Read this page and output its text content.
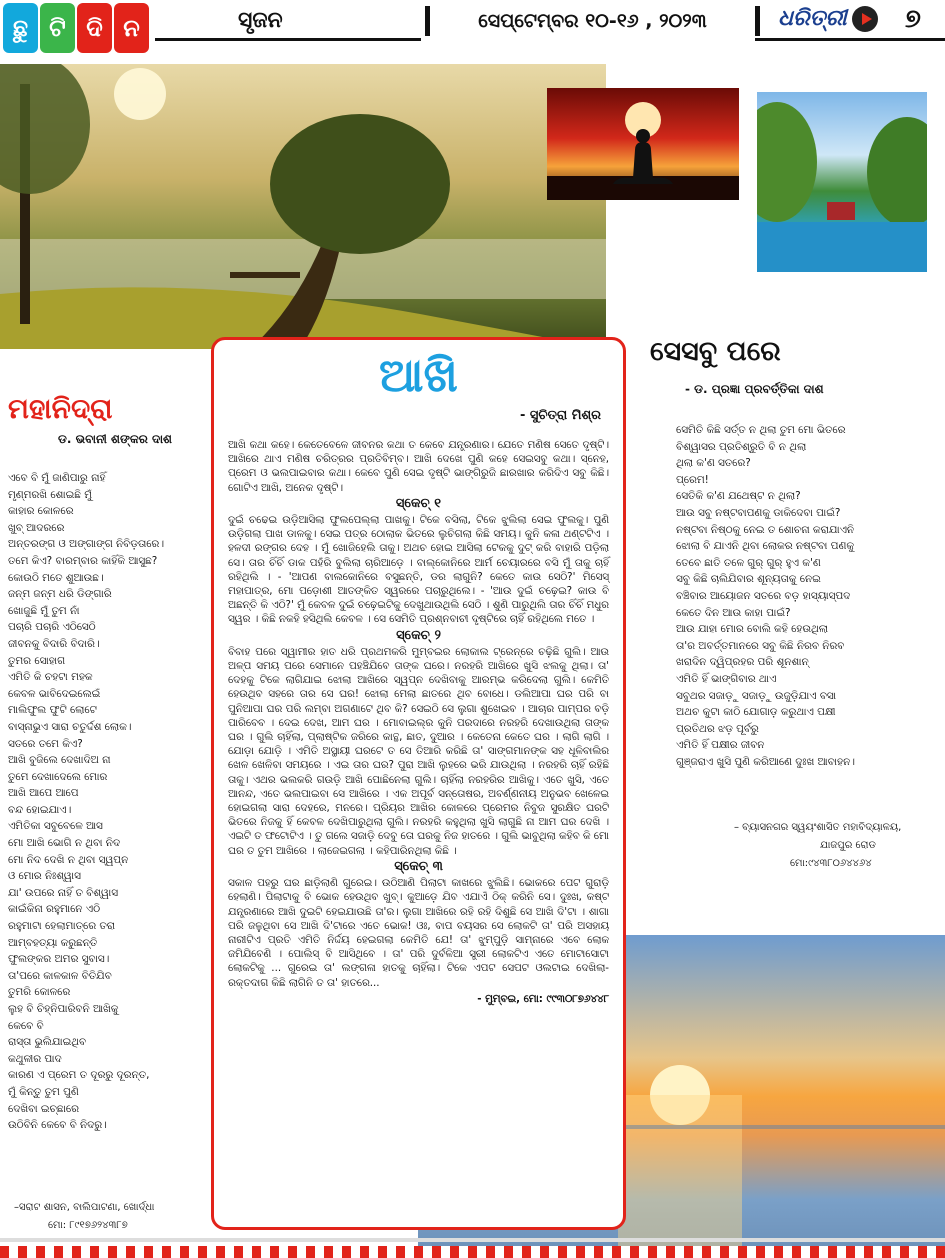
ଛୁ ଟି ଦି ନ	ସୃଜନ	ସେପ୍ଟେମ୍ବର ୧୦-୧୬ , ୨୦୨୩	ଧରିତ୍ରୀ ୭
ଆଖି
- ସୁଚିତ୍ରା ମିଶ୍ର

ଆଖି କଥା କହେ। କେତେବେଳେ ଜୀବନର କଥା ତ କେବେ ଯନ୍ତ୍ରଣାର। ଯେତେ ମଣିଷ ସେତେ ଦୃଷ୍ଟି। ଆଖିରେ ଥାଏ ମଣିଷ ଚରିତ୍ରର ପ୍ରତିବିମ୍ବ। ଆଖି ଦେଖେ ପୁଣି କହେ ସେଇସବୁ କଥା। ସ୍ନେହ, ପ୍ରେମ ଓ ଭଲପାଇବାର କଥା। କେବେ ପୁଣି ସେଇ ଦୃଷ୍ଟି ଭାଙ୍ଗିରୁଜି ଛାରଖାର କରିଦିଏ ସବୁ କିଛି। ଗୋଟିଏ ଆଖି, ଅନେକ ଦୃଷ୍ଟି।

ସ୍କେଚ୍ ୧

ଦୁଇଁ ଚଢେଇ ଉଡ଼ିଆସିଲା ଫୁଲପେଲ୍ଲା ପାଖକୁ। ଟିକେ ବସିଲା, ଟିକେ ଝୁଲିଲା ସେଇ ଫୁଲକୁ। ପୁଣି ଉଡ଼ିଗଲା ପାଖ ଡାଳକୁ। ସେଇ ପତ୍ର ଠୋଲାକ ଭିତରେ ଲୁଚିଗଲା କିଛି ସମୟ। କୁନି କଳା ଥଣ୍ଟଟିଏ । ହଳଦୀ ରଙ୍ଗର ଦେହ । ମୁଁ ଖୋଜିହେଲି ତାକୁ। ଅଥଚ ହୋଇ ଆସିଲା ଟେକକୁ ଦୁଟ୍ କରି ବାହାରି ପଡ଼ିଲା ସେ। ତାର ଚିଁଚିଁ ଡାକ ପହଁରି ବୁଲିଲା ଚାରିଆଡ଼େ । ବାଲ୍‌କୋନିରେ ଆର୍ମ ଚେୟାରରେ ବସି ମୁଁ ତାକୁ ଚାହିଁ ରହିଥିଲି । - 'ଆପଣ ବାଲକୋନିରେ ବସୁଛନ୍ତି, ଡର ଲାଗୁନି? କେତେ କାଉ ସେଠି?' ମିସେସ୍ ମହାପାତ୍ର, ମୋ ପଡ଼ୋଶୀ ଆତଙ୍କିତ ସ୍ୱରରେ ପଚାରୁଥିଲେ। - 'ଆଉ ଦୁଇଁ ଚଢ଼େଇ? କାଉ ବି ଅଛନ୍ତି କି ଏଠି?' ମୁଁ କେବଳ ଦୁଇଁ ଚଢ଼େଇଟିକୁ ଦେଖୁଥାଉଥିଲି ସେଠି । ଶୁଣି ପାରୁଥିଲି ତାର ଚିଁଚିଁ ମଧୁର ସ୍ୱର । କିଛି ନକହି ହସିଥିଲି କେବଳ । ସେ ସେମିତି ପ୍ରଶ୍ନବାଚୀ ଦୃଷ୍ଟିରେ ଚାହିଁ ରହିଥିଲେ ମତେ ।

ସ୍କେଚ୍ ୨

ବିବାହ ପରେ ସ୍ୱାମୀର ହାତ ଧରି ପ୍ରଥମକରି ମୁମ୍ବଇର ଲୋକାଲ ଟ୍ରେନ୍‌ରେ ଚଢ଼ିଛି ଗୁଲି। ଆଉ ଅଳ୍ପ ସମୟ ପରେ ସେମାନେ ପହଞ୍ଚିଯିବେ ତାଙ୍କ ଘରେ। ନରହରି ଆଖିରେ ଖୁସି ଝଲକୁ ଥିଲା। ତା' ଦେହକୁ ଟିକେ ଲାଗିଯାଇ ଝୋଲା ଆଖିରେ ସ୍ୱପ୍ନ ଦେଖିବାକୁ ଆରମ୍ଭ କରିଦେଲା ଗୁଲି। କେମିତି ହେଉଥିବ ସହରେ ତାର ସେ ଘର! ଝୋଲା ମେଲା ଛାତରେ ଥିବ ବୋଧେ। ଡଲିଆପା ଘର ପରି ବା ପୁନିଆପା ଘର ପରି ଲମ୍ବା ଅଗଣାଟେ ଥିବ କି? ସେଇଠି ସେ ଲୁଗା ଶୁଖେଇବ । ଆଚାର ପାମ୍ପର ବଡ଼ି ପାରିବେବ । ଦେଇ ଦେଖ, ଆମ ଘର । ମୋବାଇଲ୍‌ର କୁନି ପରଦାରେ ନରହରି ଦେଖାଉଥିଲା ତାଙ୍କ ଘର । ଗୁଲି ଚାହିଁଲା, ପ୍ଲାଷ୍ଟିକ ଜରିରେ କାନ୍ଥ, ଛାତ, ଦୁଆର । କେତେନା କେତେ ଘର । ଲାଗି ଲାଗି । ଯୋଡ଼ା ଯୋଡ଼ି । ଏମିତି ଅସ୍ଥାୟୀ ଘରଟେ ତ ସେ ତିଆରି କରିଛି ତା' ସାଙ୍ଗମାନଙ୍କ ସହ ଧୂଳିବାଲିର ଖେଳ ଖେଳିବା ସମୟରେ । ଏଇ ତାର ଘର? ପୁରା ଆଖି ଲୁହରେ ଭରି ଯାଉଥିଲା । ନରହରି ଚାହିଁ ରହିଛି ତାକୁ। ଏଥର ଭଲକରି ଗଉଡ଼ି ଆଖି ପୋଛିନେଲା ଗୁଲି। ଚାହିଁଲା ନରହରିର ଆଖିକୁ। ଏତେ ଖୁସି, ଏତେ ଆନନ୍ଦ, ଏତେ ଭଲପାଇବା ସେ ଆଖିରେ । ଏକ ଅପୂର୍ବ ସନ୍ତୋଷର, ଅବର୍ଣ୍ଣନୀୟ ଅନୁଭବ ଖେଳେଇ ହୋଇଗଲା ସାରା ଦେହରେ, ମନରେ। ପ୍ରିୟର ଆଖିର କୋଳରେ ପ୍ରେମର ନିବୁଜ ସୁରକ୍ଷିତ ଘରଟି ଭିତରେ ନିଜକୁ ହିଁ କେବଳ ଦେଖିପାରୁଥିଲା ଗୁଲି। ନରହରି କହୁଥିଲା ଖୁସି ଲାଗୁଛି ନା ଆମ ଘର ଦେଖି । ଏଇଟି ତ ଫଟୋଟିଏ । ତୁ ଗଲେ ସଜାଡ଼ି ଦେବୁ ତୋ ଘରକୁ ନିଜ ହାତରେ । ଗୁଲି ଭାବୁଥିଲା କହିବ କି ମୋ ଘର ତ ତୁମ ଆଖିରେ । ଲାଜେଇଗଲା । କହିପାରିନଥିଲା କିଛି ।

ସ୍କେଚ୍ ୩

ସକାଳ ପହରୁ ଘର ଛାଡ଼ିଲାଣି ଗୁରେଇ। ଉଠିଆଣି ପିଲାଟା କାଖରେ ଝୁଲିଛି। ଭୋକରେ ପେଟ ଗୁରାଡ଼ି ହେଲାଣି। ପିଲାଟାକୁ ବି ଭୋକ ହେଉଥିବ ଖୁବ୍। କୁଆଡ଼େ ଯିବ ଏଯାଏଁ ଠିକ୍ କରିନି ସେ। ଦୁଃଖ, କଷ୍ଟ ଯନ୍ତ୍ରଣାରେ ଆଖି ଦୁଇଟି ହେଇଯାଉଛି ତା'ର। ଲୁଗା ଆଖିରେ ରହି ରହି ଦିଶୁଛି ସେ ଆଖି ଦି'ଟା । ଶାଗା ପରି ଜଳୁଥିବା ସେ ଆଖି ଦି'ଟାରେ ଏତେ ଭୋକ! ଓଃ, ବାପ ବୟସର ସେ ଲୋକଟି ତା' ପରି ଅସହାୟ ନାରୀଟିଏ ପ୍ରତି ଏମିତି ନିର୍ଦ୍ଦୟ ହେଇଗଲା କେମିତି ଯେ! ତା' ଝୁମ୍ପୁଡ଼ି ସାମ୍ନାରେ ଏବେ ଲୋକ ଜମିଯିବେଣି । ପୋଲିସ୍ ବି ଆସିଥିବେ । ତା' ପରି ଦୁର୍ବଳିଆ ସ୍ତ୍ରୀ ଲୋକଟିଏ ଏତେ ମୋଟାସୋଟା ଲୋକଟିକୁ ... ଗୁରେଇ ତା' ଲଙ୍ଗଳା ହାତକୁ ଚାହିଁଲା। ଟିକେ ଏପଟ ସେପଟ ଓଲଟାଇ ଦେଖିଲା- ରକ୍ତଦାଗ କିଛି ଲାଗିନି ତ ତା' ହାତରେ...

- ମୁମ୍ବଇ, ମୋ: ୯୯୩୦୮୭୬୪୪୮

ମହାନିଦ୍ରା
ଡ. ଭବାନୀ ଶଙ୍କର ଦାଶ
ଏବେ ବି ମୁଁ ଜାଣିପାରୁ ନାହିଁ
ମୃଣ୍ମରଖି ଶୋଇଛି ମୁଁ
କାହାର କୋଳରେ
ଖୁବ୍ ଆଦରରେ
ଅନ୍ତରଙ୍ଗ ଓ ଅଙ୍ଗାଙ୍ଗ ନିବିଡ଼ତାରେ।
ତମେ କିଏ? ବାରମ୍ବାର କାହିଁକି ଆସୁଛ?
କୋଉଠି ମତେ ଶୁଆଉଛ।
ଜନ୍ମ ଜନ୍ମ ଧରି ଡିଙ୍ଗାରି
ଖୋଜୁଛି ମୁଁ ତୁମ ନାଁ
ପଚାରି ପଚାରି ଏଠିସେଠି
ଜୀବନକୁ ବିଦାରି ବିଦାରି।
ତୁମର ସୋହାଗ
ଏମିତି କି ଚହଟା ମହକ
କେବଳ ଭାବିଦେଇଲେଇଁ
ମାଲିଫୁଲ ଫୁଟି ଲୋଟେ
ବାସ୍ନାଭୁଏ ସାରା ଚତୁର୍ଦ୍ଦଶ ଲୋକ।
ସତରେ ତମେ କିଏ?
ଆଖି ବୁଜିଲେ ଦେଖାଦିଅ ନା
ତୁମେ ଦେଖାଦେଲେ ମୋର
ଆଖି ଆପେ ଆପେ
ବନ୍ଦ ହୋଇଯାଏ।
ଏମିତିକା ସବୁବେଳେ ଆସ
ମୋ ଆଖି ଭୋଗି ନ ଥିବା ନିଦ
ମୋ ନିଦ ଦେଖି ନ ଥିବା ସ୍ୱପ୍ନ
ଓ ମୋର ନିଃଶ୍ୱାସ
ଯା' ଉପରେ ନାହିଁ ତ ବିଶ୍ୱାସ
କାଇଁକିନା ରହୁମାନେ ଏଠି
ରହୁମାଟା ହେଲାମାତ୍ରେ ତରା
ଆମ୍ବହତ୍ୟା କରୁଛନ୍ତି
ଫୁଲଙ୍କର ଅମର ସୁବାସ।
ତା'ପରେ କାଳକାଳ ବିତିଯିବ
ତୁମରି କୋଳରେ
ଲୁହ ବି ଚିହ୍ନିପାରିବନି ଆଖିକୁ
କେବେ ବି
ରାସ୍ତା ଭୁଲିଯାଇଥିବ
କଥୁଳୀର ପାଦ
କାରଣ ଏ ପ୍ରେମ ତ ଦୂରରୁ ଦୂରନ୍ତ,
ମୁଁ କିନ୍ତୁ ତୁମ ପୁଣି
ଦେଖିବା ଇଚ୍ଛାରେ
ଉଠିବିନି କେବେ ବି ନିଦରୁ।
–ସରାଟ ଶାସନ, ବାଲିପାଟଣା, ଖୋର୍ଦ୍ଧା
ମୋ: ୮୯୧୭୬୨୪୩୮୭
ସେସବୁ ପରେ
- ଡ. ପ୍ରଜ୍ଞା ପ୍ରବର୍ତ୍ତିକା ଦାଶ
ସେମିତି କିଛି ସର୍ତ୍ତ ନ ଥିଲା ତୁମ ମୋ ଭିତରେ
ବିଶ୍ୱାସର ପ୍ରତିଶ୍ରୁତି ବି ନ ଥିଲା
ଥିଲା କ'ଣ ସତରେ?
ପ୍ରେମ!
ସେତିକି କ'ଣ ଯଥେଷ୍ଟ ନ ଥିଲା?
ଆଉ ସବୁ ନଷ୍ଟବାପଣକୁ ଡାକିଦେବା ପାଇଁ?
ନଷ୍ଟବା ନିଷ୍ଠକୁ ନେଇ ତ ଶୋଚନା କରାଯାଏନି
ଝୋଲା ବି ଯାଏନି ଥିବା ଲୋକର ନଷ୍ଟବା ପଣକୁ
ତେବେ ଛାତି ତଳେ ଗୁର୍ ଗୁର୍ ହୁଏ କ'ଣ
ସବୁ କିଛି ଚାଲିଯିବାର ଶୂନ୍ୟତାକୁ ନେଇ
ବଞ୍ଚିବାର ଆୟୋଜନ ସତରେ ବଡ଼ ହାସ୍ୟାସ୍ପଦ
କେତେ ଦିନ ଆଉ କାହା ପାଇଁ?
ଆଉ ଯାହା ମୋର ବୋଲି କହି ହେଉଥିଲା
ତା'ର ଅବର୍ତ୍ତମାନରେ ସବୁ କିଛି ନିରବ ନିରବ
ଖରାଦିନ ଦ୍ୱିପ୍ରହର ପରି ଶୂନଶାନ୍
ଏମିତି ହିଁ ଭାଙ୍ଗିବାର ଥାଏ
ସବୁଥର ସଜାଡ଼ୁ ସଜାଡ଼ୁ ଉଜୁଡ଼ିଯାଏ ବସା
ଅଥଚ କୁଟା କାଠି ଯୋଗାଡ଼ କରୁଥାଏ ପକ୍ଷୀ
ପ୍ରତିଥର ଝଡ଼ ପୂର୍ବରୁ
ଏମିତି ହିଁ ପକ୍ଷୀର ଜୀବନ
ଗୁଞ୍ଜରାଏ ଖୁସି ପୁଣି କରିଆଣେ ଦୁଃଖ ଆବାହନ।
– ବ୍ୟାସନଗର ସ୍ୱୟଂଶାସିତ ମହାବିଦ୍ୟାଳୟ,
ଯାଜପୁର ରୋଡ
ମୋ:୯୪୩୮୦୬୪୪୬୪
